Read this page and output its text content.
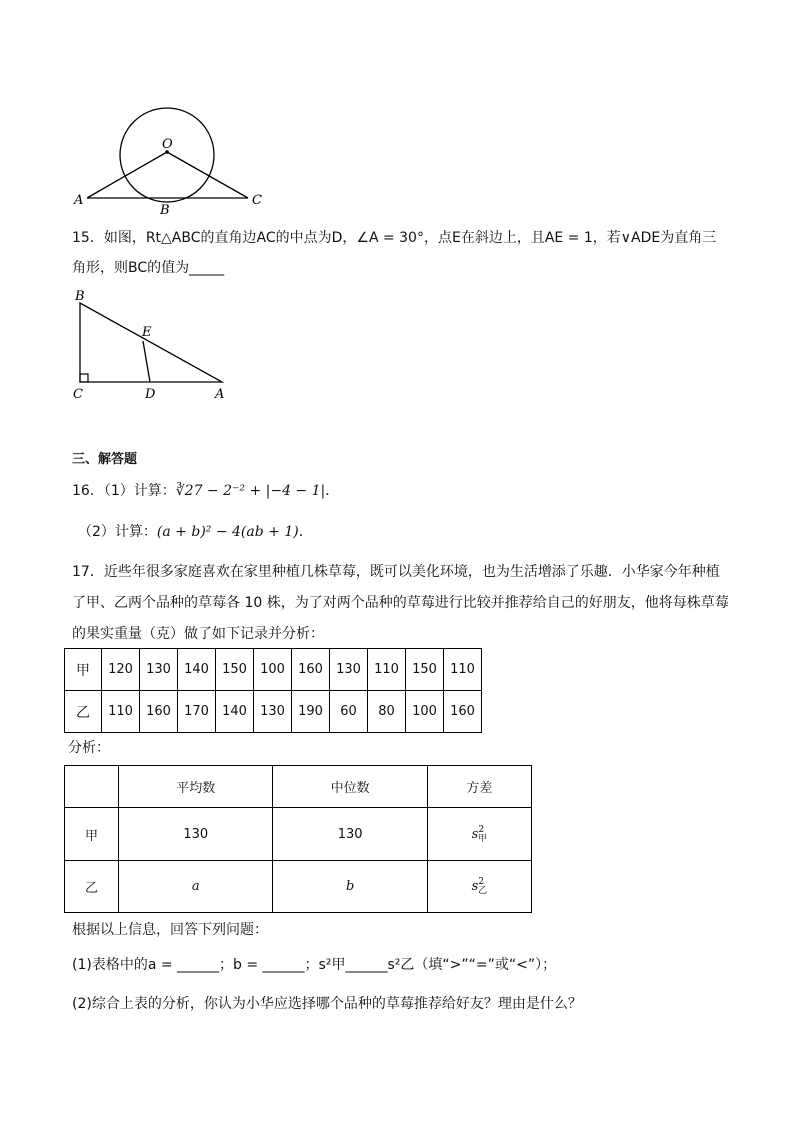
O
A
B
C
15．如图，Rt△ABC的直角边AC的中点为D，∠A = 30°，点E在斜边上，且AE = 1，若∨ADE为直角三
角形，则BC的值为_____
B
E
C	D	A
三、解答题
16．（1）计算：∛27 − 2⁻² + |−4 − 1|．
（2）计算：(a + b)² − 4(ab + 1)．
17．近些年很多家庭喜欢在家里种植几株草莓，既可以美化环境，也为生活增添了乐趣．小华家今年种植
了甲、乙两个品种的草莓各 10 株，为了对两个品种的草莓进行比较并推荐给自己的好朋友，他将每株草莓
的果实重量（克）做了如下记录并分析：
甲	120	130	140	150	100	160	130	110	150	110
乙	110	160	170	140	130	190	60	80	100	160
分析：
	平均数	中位数	方差
甲	130	130	$s^2_甲$
乙	a	b	$s^2_乙$
根据以上信息，回答下列问题：
(1)表格中的a = ______；b = ______；s²甲______s²乙（填“>”“=”或“<”）；
(2)综合上表的分析，你认为小华应选择哪个品种的草莓推荐给好友？理由是什么？
